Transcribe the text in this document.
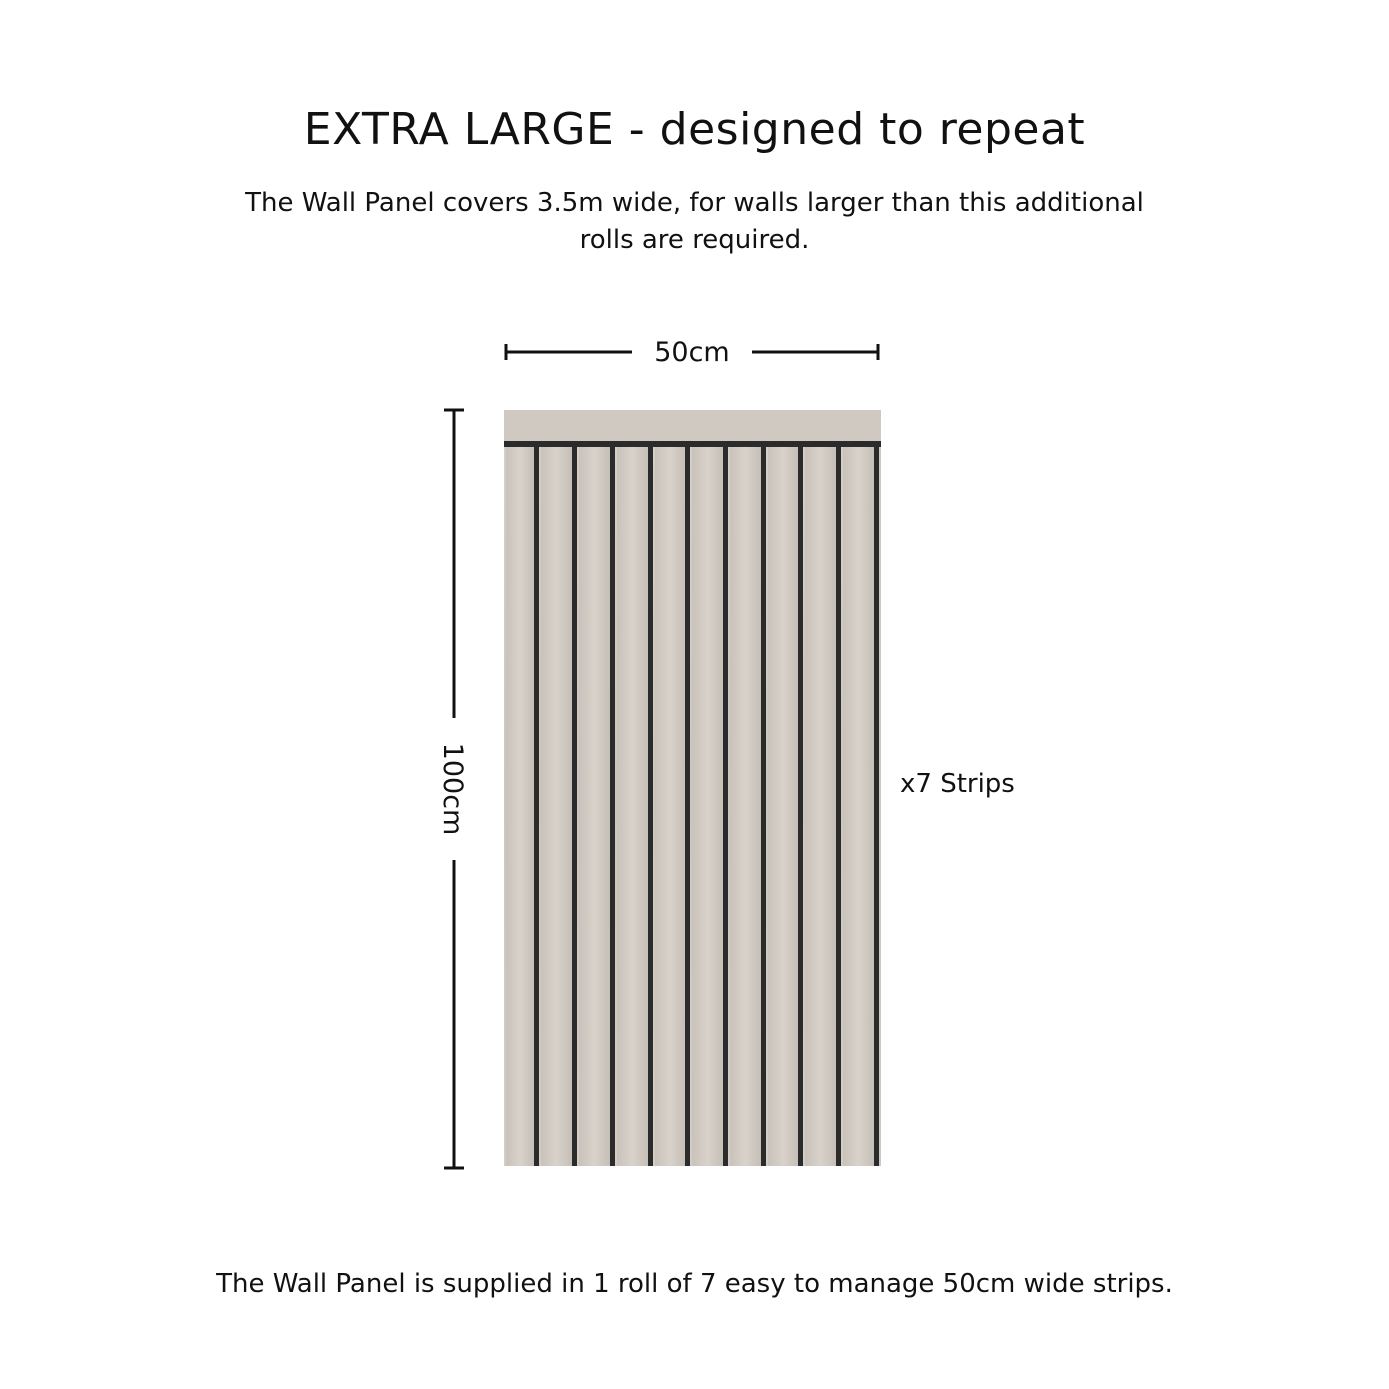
EXTRA LARGE - designed to repeat

The Wall Panel covers 3.5m wide, for walls larger than this additional rolls are required.

50cm
100cm	x7 Strips

The Wall Panel is supplied in 1 roll of 7 easy to manage 50cm wide strips.
